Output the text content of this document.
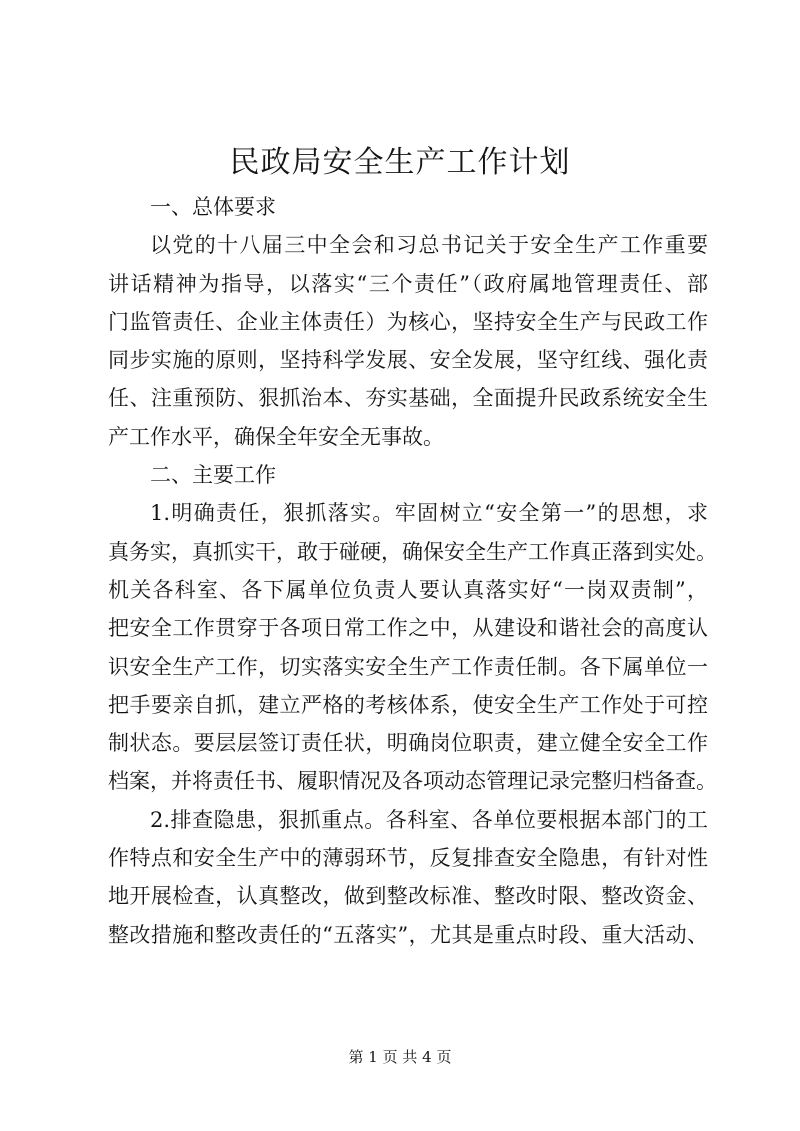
民政局安全生产工作计划
一、总体要求
以党的十八届三中全会和习总书记关于安全生产工作重要
讲话精神为指导，以落实“三个责任”（政府属地管理责任、部
门监管责任、企业主体责任）为核心，坚持安全生产与民政工作
同步实施的原则，坚持科学发展、安全发展，坚守红线、强化责
任、注重预防、狠抓治本、夯实基础，全面提升民政系统安全生
产工作水平，确保全年安全无事故。
二、主要工作
1.明确责任，狠抓落实。牢固树立“安全第一”的思想，求
真务实，真抓实干，敢于碰硬，确保安全生产工作真正落到实处。
机关各科室、各下属单位负责人要认真落实好“一岗双责制”，
把安全工作贯穿于各项日常工作之中，从建设和谐社会的高度认
识安全生产工作，切实落实安全生产工作责任制。各下属单位一
把手要亲自抓，建立严格的考核体系，使安全生产工作处于可控
制状态。要层层签订责任状，明确岗位职责，建立健全安全工作
档案，并将责任书、履职情况及各项动态管理记录完整归档备查。
2.排查隐患，狠抓重点。各科室、各单位要根据本部门的工
作特点和安全生产中的薄弱环节，反复排查安全隐患，有针对性
地开展检查，认真整改，做到整改标准、整改时限、整改资金、
整改措施和整改责任的“五落实”，尤其是重点时段、重大活动、
第 1 页 共 4 页
